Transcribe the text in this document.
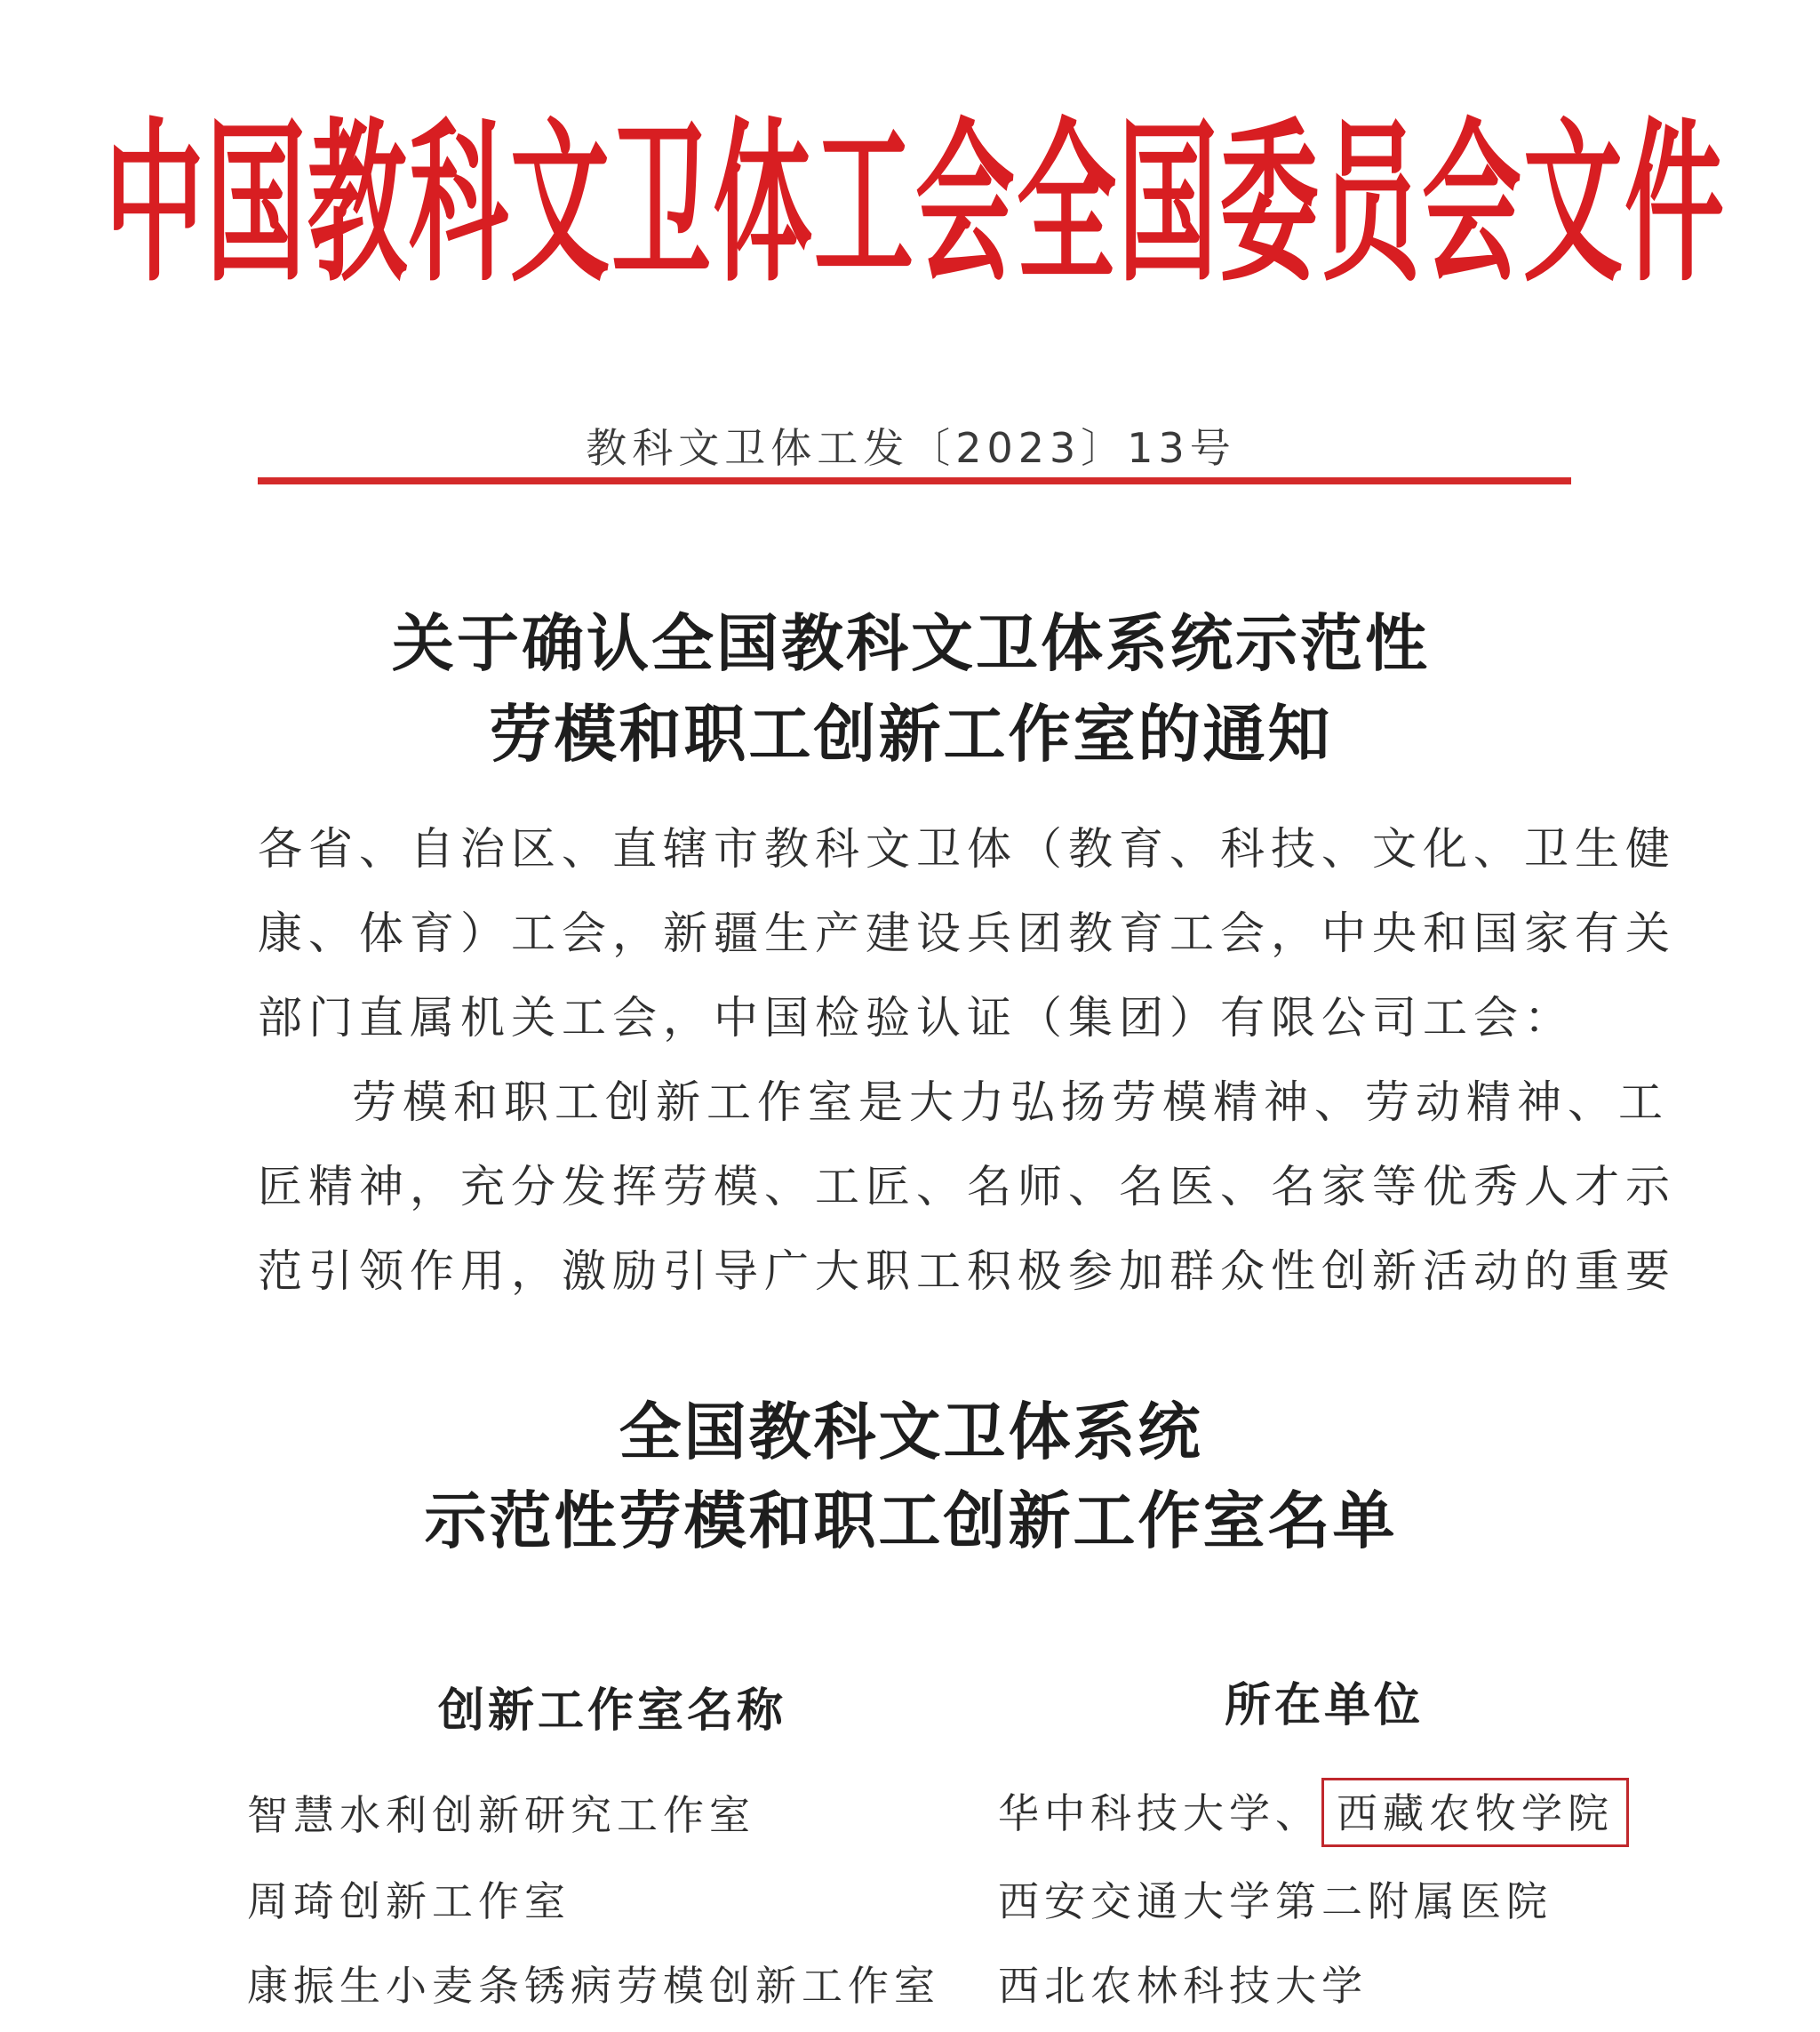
中国教科文卫体工会全国委员会文件
教科文卫体工发〔2023〕13号
关于确认全国教科文卫体系统示范性
劳模和职工创新工作室的通知
各省、自治区、直辖市教科文卫体（教育、科技、文化、卫生健
康、体育）工会，新疆生产建设兵团教育工会，中央和国家有关
部门直属机关工会，中国检验认证（集团）有限公司工会：
劳模和职工创新工作室是大力弘扬劳模精神、劳动精神、工
匠精神，充分发挥劳模、工匠、名师、名医、名家等优秀人才示
范引领作用，激励引导广大职工积极参加群众性创新活动的重要
全国教科文卫体系统
示范性劳模和职工创新工作室名单
创新工作室名称	所在单位
智慧水利创新研究工作室	华中科技大学、 西藏农牧学院
周琦创新工作室	西安交通大学第二附属医院
康振生小麦条锈病劳模创新工作室 西北农林科技大学
